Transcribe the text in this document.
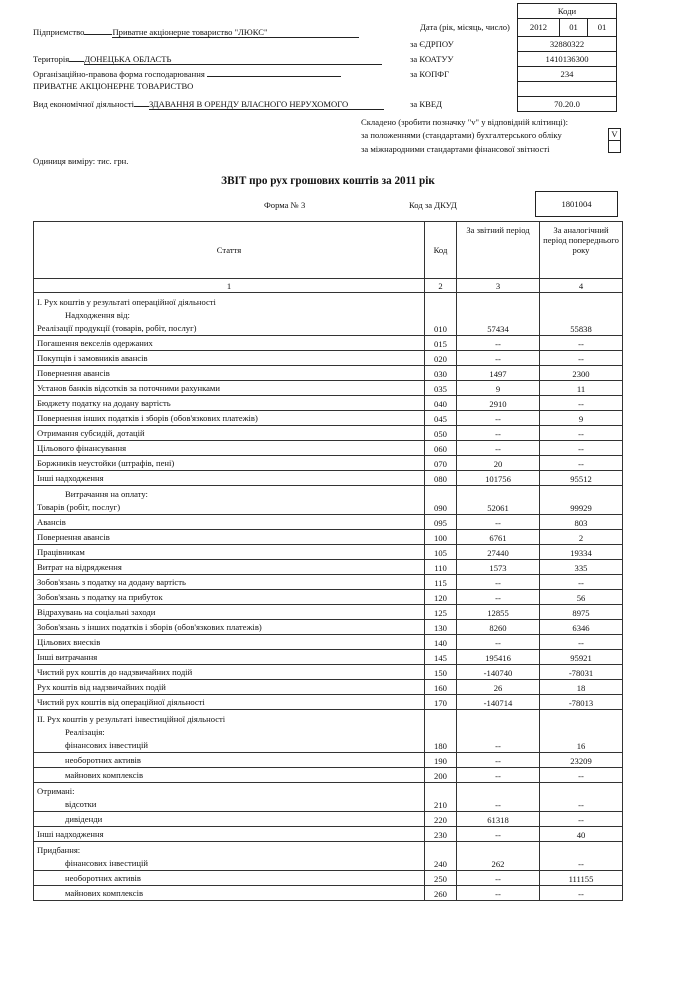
Підприємство	Приватне акціонерне товариство "ЛЮКС"
Територія ДОНЕЦЬКА ОБЛАСТЬ
Організаційно-правова форма господарювання
ПРИВАТНЕ АКЦІОНЕРНЕ ТОВАРИСТВО
Вид економічної діяльності ЗДАВАННЯ В ОРЕНДУ ВЛАСНОГО НЕРУХОМОГО
Одиниця виміру: тис. грн.
Коди
Дата (рік, місяць, число)	2012	01	01
за ЄДРПОУ	32880322
за КОАТУУ	1410136300
за КОПФГ	234
за КВЕД	70.20.0
Складено (зробити позначку "v" у відповідній клітинці):
за положеннями (стандартами) бухгалтерського обліку
за міжнародними стандартами фінансової звітності
V
ЗВІТ про рух грошових коштів за 2011 рік
Форма № 3	Код за ДКУД	1801004
Стаття	Код	За звітний період	За аналогічний період попереднього року
1	2	3	4

І. Рух коштів у результаті операційної діяльності
Надходження від:
Реалізації продукції (товарів, робіт, послуг)	010	57434	55838

Погашення векселів одержаних	015	--	--

Покупців і замовників авансів	020	--	--

Повернення авансів	030	1497	2300

Установ банків відсотків за поточними рахунками	035	9	11

Бюджету податку на додану вартість	040	2910	--

Повернення інших податків і зборів (обов'язкових платежів)	045	--	9

Отримання субсидій, дотацій	050	--	--

Цільового фінансування	060	--	--

Боржників неустойки (штрафів, пені)	070	20	--

Інші надходження	080	101756	95512

Витрачання на оплату:
Товарів (робіт, послуг)	090	52061	99929

Авансів	095	--	803

Повернення авансів	100	6761	2

Працівникам	105	27440	19334

Витрат на відрядження	110	1573	335

Зобов'язань з податку на додану вартість	115	--	--

Зобов'язань з податку на прибуток	120	--	56

Відрахувань на соціальні заходи	125	12855	8975

Зобов'язань з інших податків і зборів (обов'язкових платежів)	130	8260	6346

Цільових внесків	140	--	--

Інші витрачання	145	195416	95921

Чистий рух коштів до надзвичайних подій	150	-140740	-78031

Рух коштів від надзвичайних подій	160	26	18

Чистий рух коштів від операційної діяльності	170	-140714	-78013

ІІ. Рух коштів у результаті інвестиційної діяльності
Реалізація:
фінансових інвестицій	180	--	16

необоротних активів	190	--	23209

майнових комплексів	200	--	--

Отримані:
відсотки	210	--	--

дивіденди	220	61318	--

Інші надходження	230	--	40

Придбання:
фінансових інвестицій	240	262	--

необоротних активів	250	--	111155

майнових комплексів	260	--	--
